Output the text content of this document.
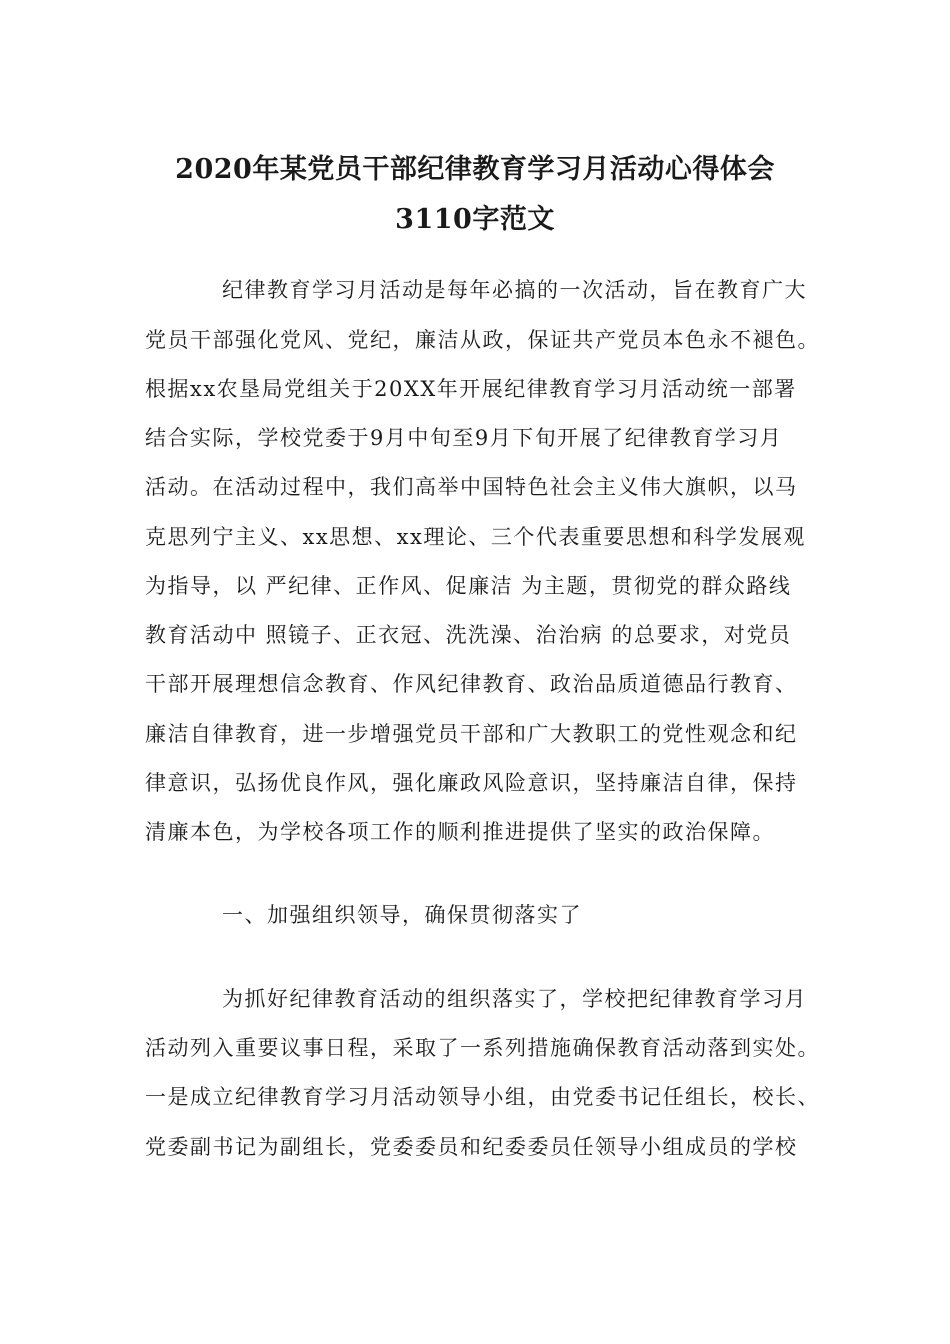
2020年某党员干部纪律教育学习月活动心得体会
3110字范文
纪律教育学习月活动是每年必搞的一次活动，旨在教育广大
党员干部强化党风、党纪，廉洁从政，保证共产党员本色永不褪色。
根据xx农垦局党组关于20XX年开展纪律教育学习月活动统一部署
结合实际，学校党委于9月中旬至9月下旬开展了纪律教育学习月
活动。在活动过程中，我们高举中国特色社会主义伟大旗帜，以马
克思列宁主义、xx思想、xx理论、三个代表重要思想和科学发展观
为指导，以 严纪律、正作风、促廉洁 为主题，贯彻党的群众路线
教育活动中 照镜子、正衣冠、洗洗澡、治治病 的总要求，对党员
干部开展理想信念教育、作风纪律教育、政治品质道德品行教育、
廉洁自律教育，进一步增强党员干部和广大教职工的党性观念和纪
律意识，弘扬优良作风，强化廉政风险意识，坚持廉洁自律，保持
清廉本色，为学校各项工作的顺利推进提供了坚实的政治保障。
一、加强组织领导，确保贯彻落实了
为抓好纪律教育活动的组织落实了，学校把纪律教育学习月
活动列入重要议事日程，采取了一系列措施确保教育活动落到实处。
一是成立纪律教育学习月活动领导小组，由党委书记任组长，校长、
党委副书记为副组长，党委委员和纪委委员任领导小组成员的学校
